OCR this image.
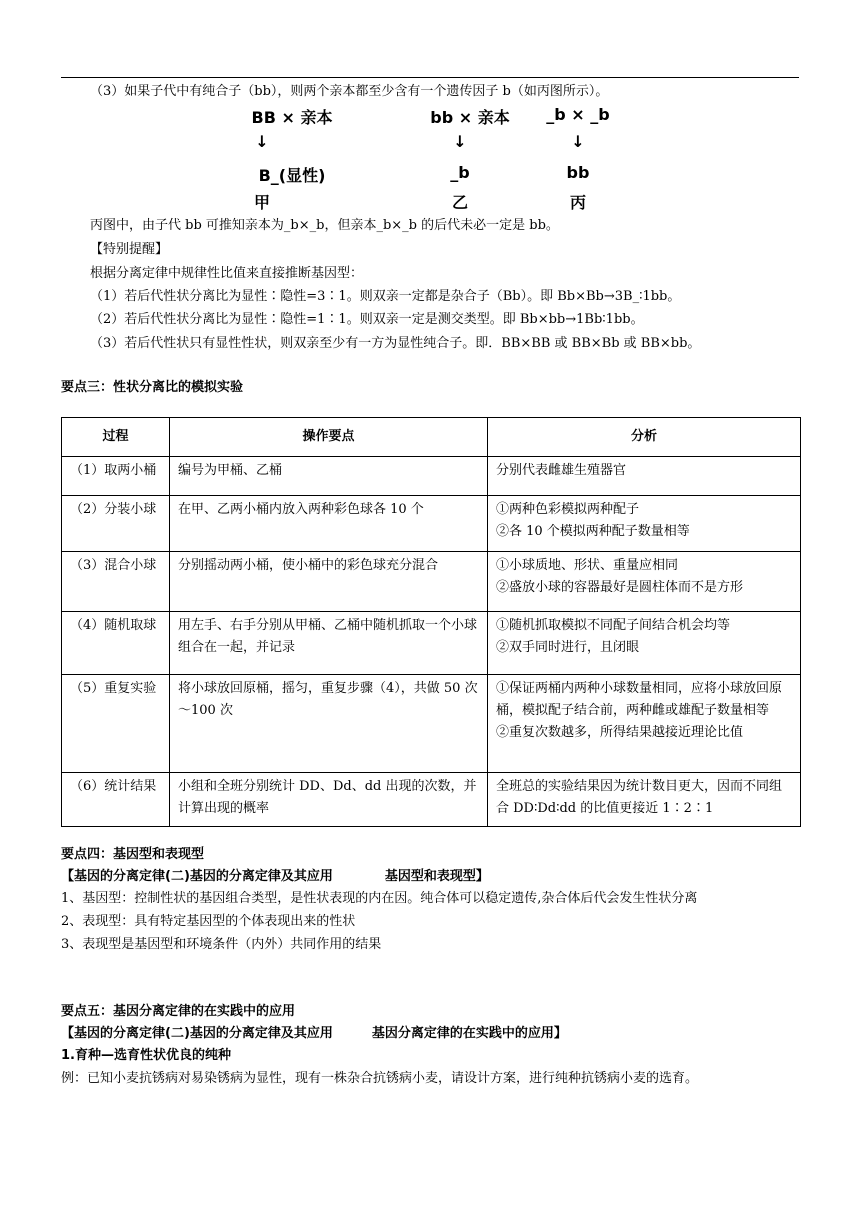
（3）如果子代中有纯合子（bb），则两个亲本都至少含有一个遗传因子 b（如丙图所示）。
BB × 亲本
↓
B_(显性)
甲
bb × 亲本
↓
_b
乙
_b × _b
↓
bb
丙
丙图中，由子代 bb 可推知亲本为_b×_b，但亲本_b×_b 的后代未必一定是 bb。
【特别提醒】
根据分离定律中规律性比值来直接推断基因型：
（1）若后代性状分离比为显性∶隐性=3∶1。则双亲一定都是杂合子（Bb）。即 Bb×Bb→3B_∶1bb。
（2）若后代性状分离比为显性∶隐性=1∶1。则双亲一定是测交类型。即 Bb×bb→1Bb∶1bb。
（3）若后代性状只有显性性状，则双亲至少有一方为显性纯合子。即．BB×BB 或 BB×Bb 或 BB×bb。
要点三：性状分离比的模拟实验
过程	操作要点	分析
（1）取两小桶	编号为甲桶、乙桶	分别代表雌雄生殖器官

（2）分装小球	在甲、乙两小桶内放入两种彩色球各 10 个	①两种色彩模拟两种配子
②各 10 个模拟两种配子数量相等

（3）混合小球	分别摇动两小桶，使小桶中的彩色球充分混合	①小球质地、形状、重量应相同
②盛放小球的容器最好是圆柱体而不是方形

（4）随机取球	用左手、右手分别从甲桶、乙桶中随机抓取一个小球组合在一起，并记录	①随机抓取模拟不同配子间结合机会均等
②双手同时进行，且闭眼

（5）重复实验	将小球放回原桶，摇匀，重复步骤（4），共做 50 次～100 次	①保证两桶内两种小球数量相同，应将小球放回原桶，模拟配子结合前，两种雌或雄配子数量相等
②重复次数越多，所得结果越接近理论比值

（6）统计结果	小组和全班分别统计 DD、Dd、dd 出现的次数，并计算出现的概率	全班总的实验结果因为统计数目更大，因而不同组合 DD∶Dd∶dd 的比值更接近 1∶2∶1
要点四：基因型和表现型
【基因的分离定律(二)基因的分离定律及其应用　　　　基因型和表现型】
1、基因型：控制性状的基因组合类型，是性状表现的内在因。纯合体可以稳定遗传,杂合体后代会发生性状分离
2、表现型：具有特定基因型的个体表现出来的性状
3、表现型是基因型和环境条件（内外）共同作用的结果
要点五：基因分离定律的在实践中的应用
【基因的分离定律(二)基因的分离定律及其应用　　　基因分离定律的在实践中的应用】
1.育种—选育性状优良的纯种
例：已知小麦抗锈病对易染锈病为显性，现有一株杂合抗锈病小麦，请设计方案，进行纯种抗锈病小麦的选育。
